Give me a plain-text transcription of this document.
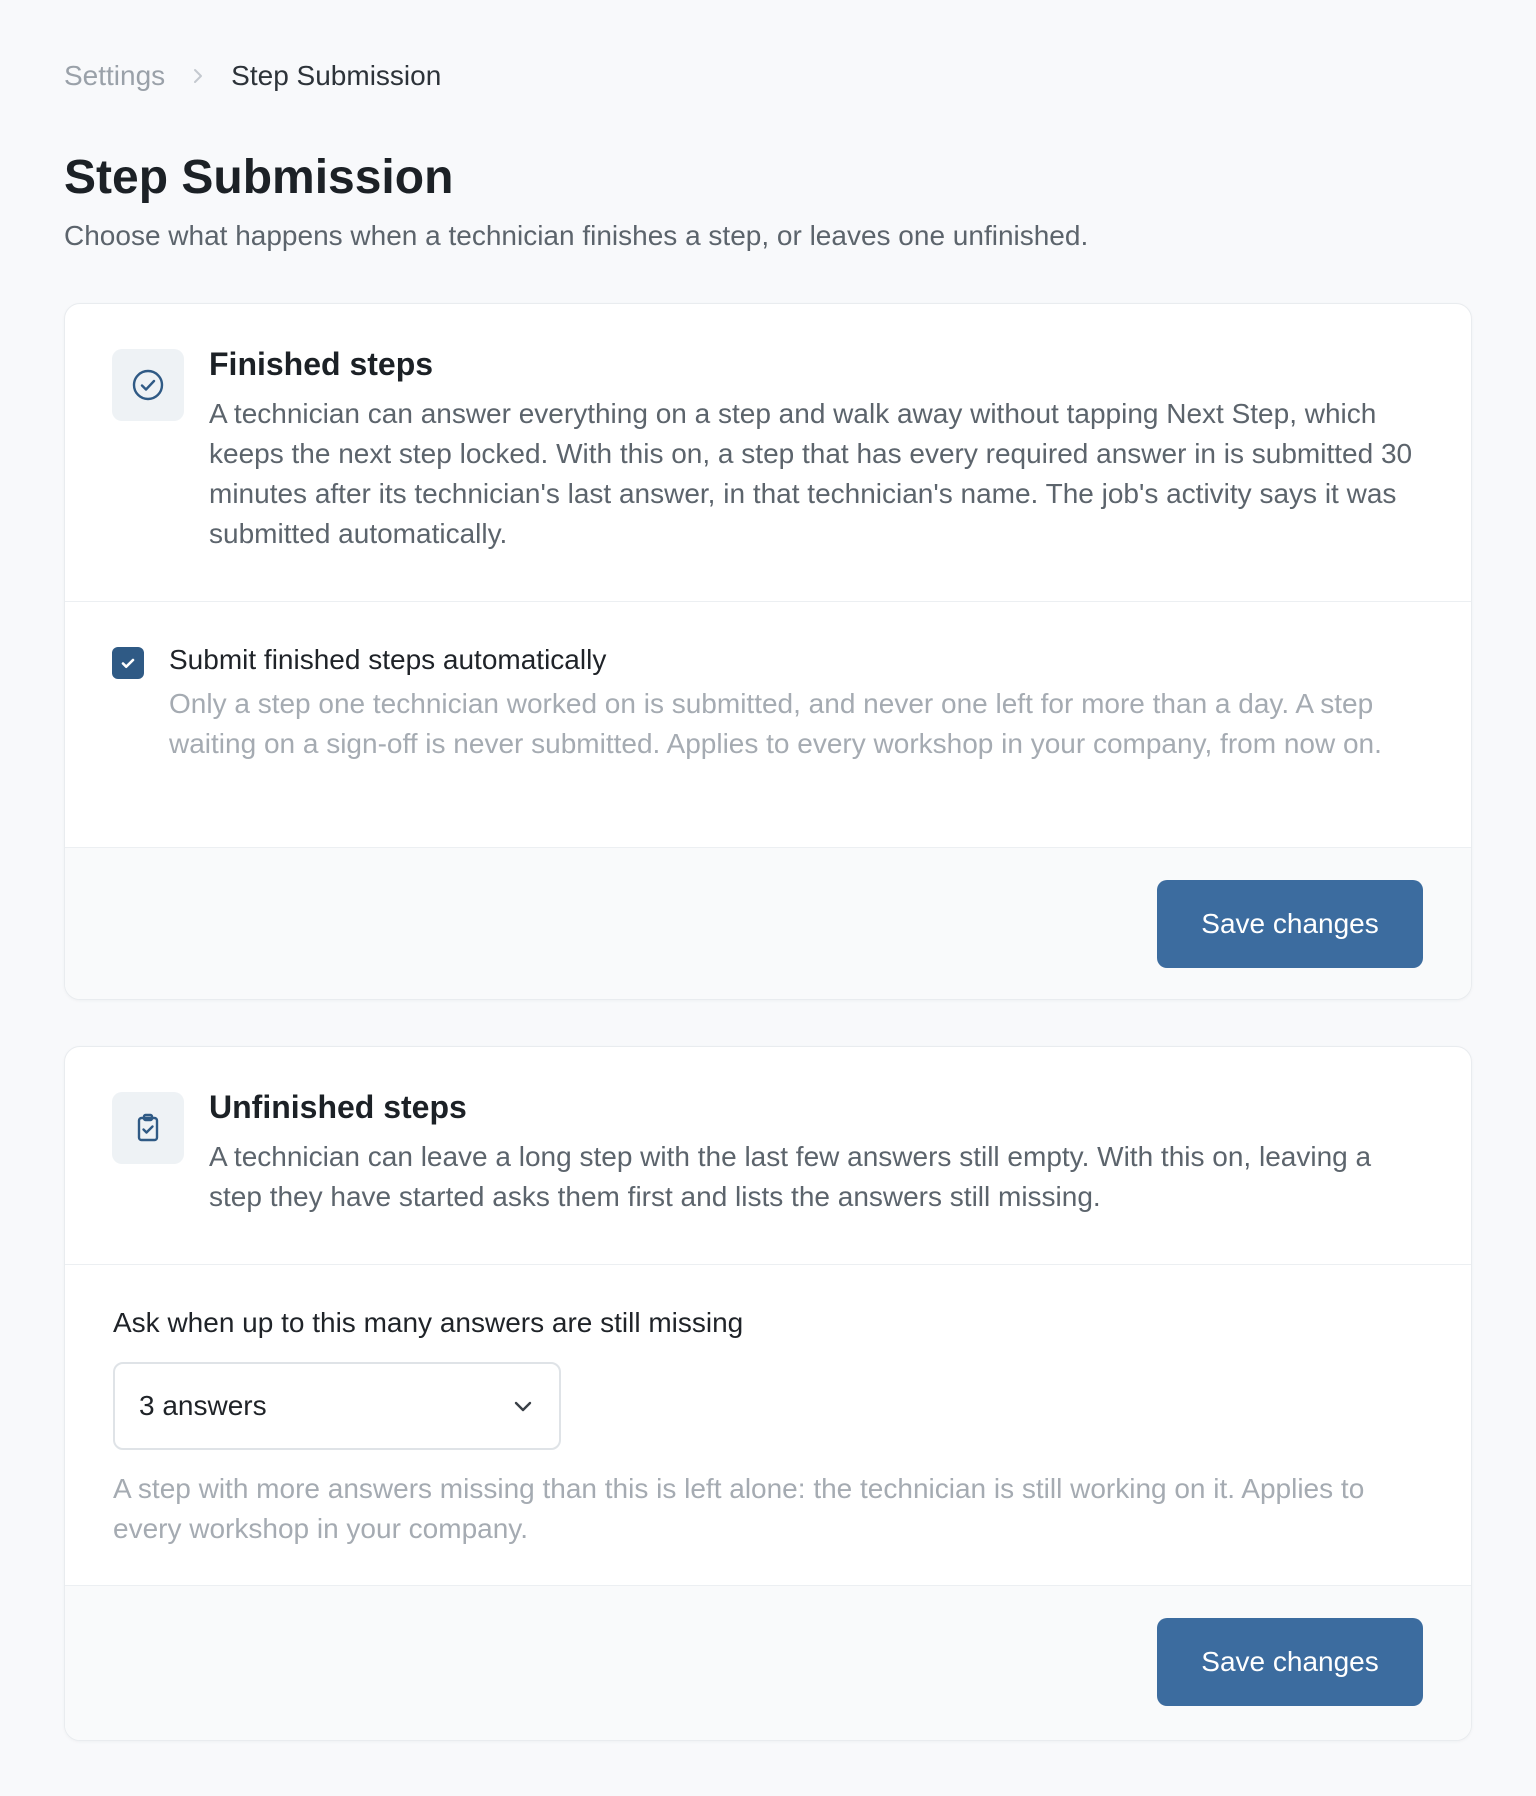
Settings Step Submission
Step Submission

Choose what happens when a technician finishes a step, or leaves one unfinished.

Finished steps

A technician can answer everything on a step and walk away without tapping Next Step, which keeps the next step locked. With this on, a step that has every required answer in is submitted 30 minutes after its technician's last answer, in that technician's name. The job's activity says it was submitted automatically.

Submit finished steps automatically
Only a step one technician worked on is submitted, and never one left for more than a day. A step waiting on a sign-off is never submitted. Applies to every workshop in your company, from now on.
Save changes
Unfinished steps

A technician can leave a long step with the last few answers still empty. With this on, leaving a step they have started asks them first and lists the answers still missing.

Ask when up to this many answers are still missing
3 answers

A step with more answers missing than this is left alone: the technician is still working on it. Applies to every workshop in your company.

Save changes
